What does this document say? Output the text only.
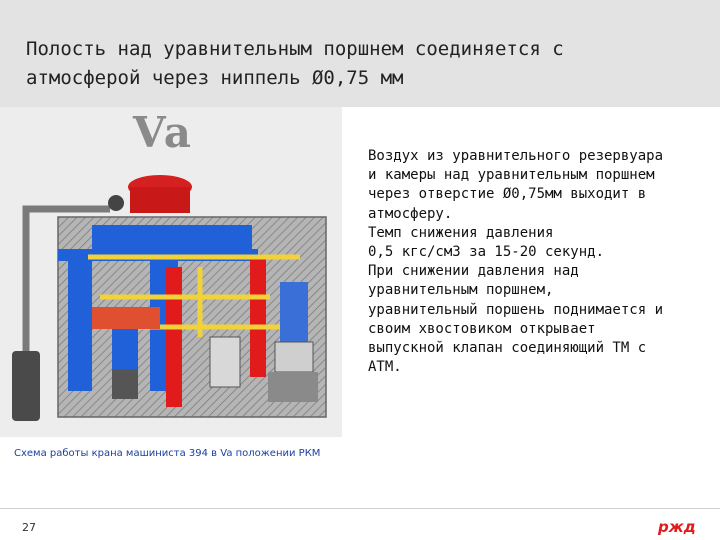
Полость над уравнительным поршнем соединяется с атмосферой через ниппель Ø0,75 мм
Va
Схема работы крана машиниста 394 в Va положении РКМ

Воздух из уравнительного резервуара и камеры над уравнительным поршнем через отверстие Ø0,75мм выходит в атмосферу.

Темп снижения давления

0,5 кгс/см3 за 15-20 секунд.

При снижении давления над уравнительным поршнем, уравнительный поршень поднимается и своим хвостовиком открывает выпускной клапан соединяющий ТМ с АТМ.

27	ржд
